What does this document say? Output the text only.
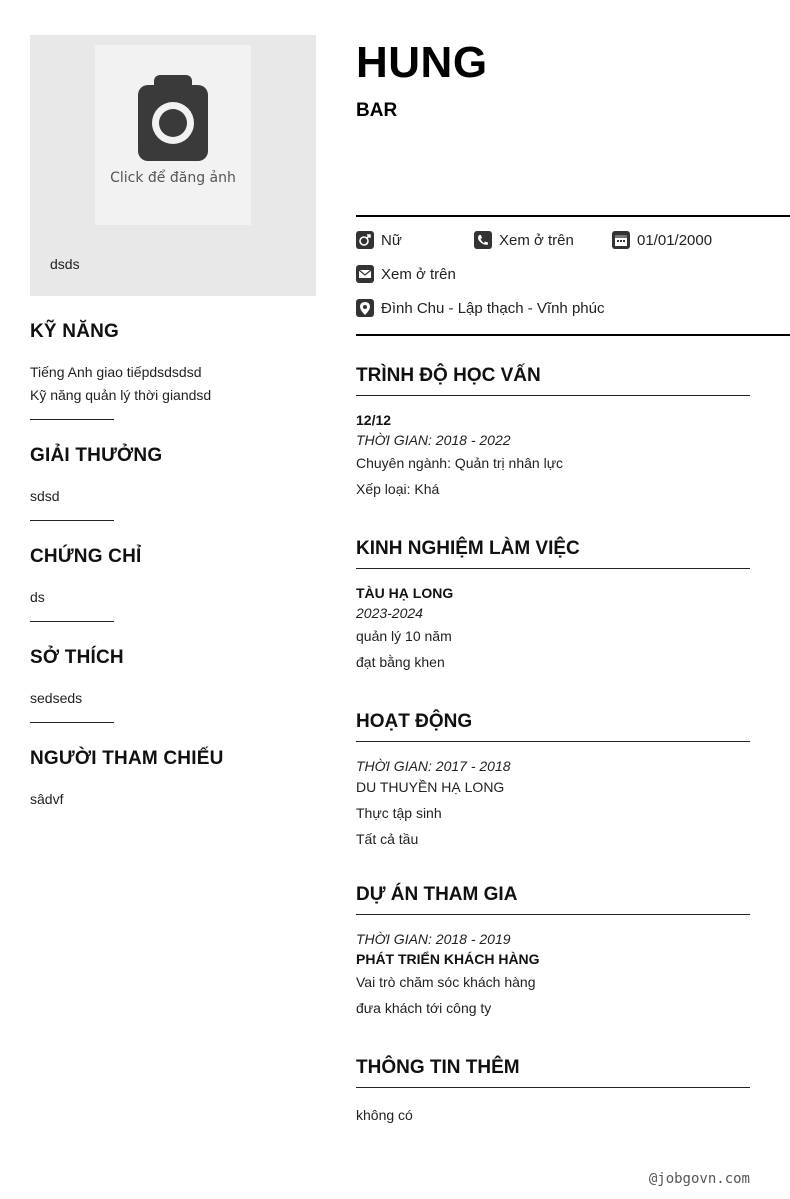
Click để đăng ảnh
dsds
KỸ NĂNG
Tiếng Anh giao tiếpdsdsdsd
Kỹ năng quản lý thời giandsd
GIẢI THƯỞNG
sdsd
CHỨNG CHỈ
ds
SỞ THÍCH
sedseds
NGƯỜI THAM CHIẾU
sâdvf
HUNG
BAR
Nữ	Xem ở trên	01/01/2000
Xem ở trên
Đình Chu - Lập thạch - Vĩnh phúc
TRÌNH ĐỘ HỌC VẤN
12/12
THỜI GIAN: 2018 - 2022
Chuyên ngành: Quản trị nhân lực
Xếp loại: Khá
KINH NGHIỆM LÀM VIỆC
TÀU HẠ LONG
2023-2024
quản lý 10 năm
đạt bằng khen
HOẠT ĐỘNG
THỜI GIAN: 2017 - 2018
DU THUYỀN HẠ LONG
Thực tập sinh
Tất cả tầu
DỰ ÁN THAM GIA
THỜI GIAN: 2018 - 2019
PHÁT TRIỂN KHÁCH HÀNG
Vai trò chăm sóc khách hàng
đưa khách tới công ty
THÔNG TIN THÊM
không có
@jobgovn.com
